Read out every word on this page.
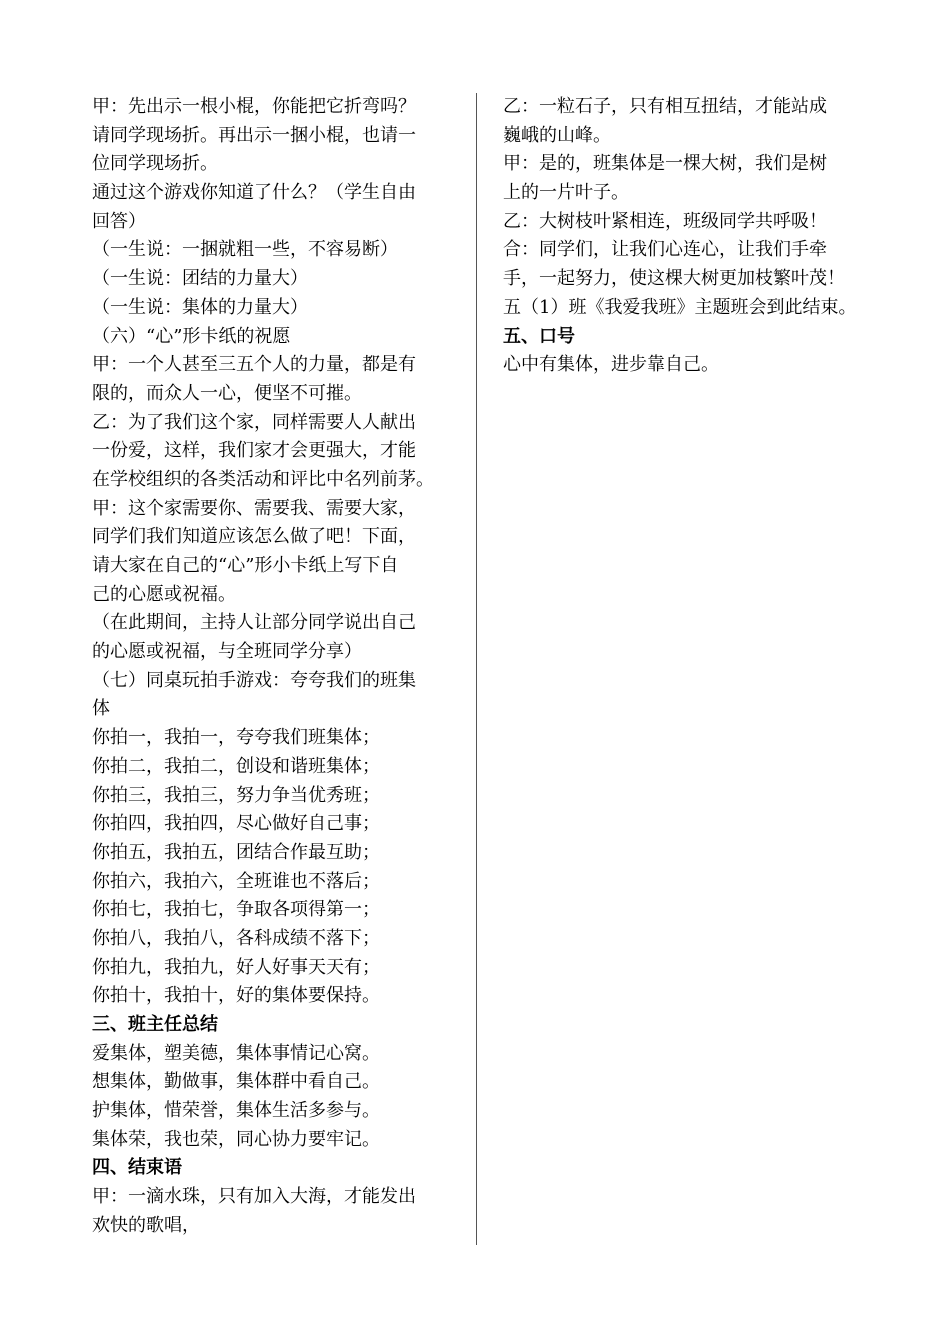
甲：先出示一根小棍，你能把它折弯吗？
请同学现场折。再出示一捆小棍，也请一
位同学现场折。
通过这个游戏你知道了什么？（学生自由
回答）
（一生说：一捆就粗一些，不容易断）
（一生说：团结的力量大）
（一生说：集体的力量大）
（六）“心”形卡纸的祝愿
甲：一个人甚至三五个人的力量，都是有
限的，而众人一心，便坚不可摧。
乙：为了我们这个家，同样需要人人献出
一份爱，这样，我们家才会更强大，才能
在学校组织的各类活动和评比中名列前茅。
甲：这个家需要你、需要我、需要大家，
同学们我们知道应该怎么做了吧！下面，
请大家在自己的“心”形小卡纸上写下自
己的心愿或祝福。
（在此期间，主持人让部分同学说出自己
的心愿或祝福，与全班同学分享）
（七）同桌玩拍手游戏：夸夸我们的班集
体
你拍一，我拍一，夸夸我们班集体；
你拍二，我拍二，创设和谐班集体；
你拍三，我拍三，努力争当优秀班；
你拍四，我拍四，尽心做好自己事；
你拍五，我拍五，团结合作最互助；
你拍六，我拍六，全班谁也不落后；
你拍七，我拍七，争取各项得第一；
你拍八，我拍八，各科成绩不落下；
你拍九，我拍九，好人好事天天有；
你拍十，我拍十，好的集体要保持。
三、班主任总结
爱集体，塑美德，集体事情记心窝。
想集体，勤做事，集体群中看自己。
护集体，惜荣誉，集体生活多参与。
集体荣，我也荣，同心协力要牢记。
四、结束语
甲：一滴水珠，只有加入大海，才能发出
欢快的歌唱，
乙：一粒石子，只有相互扭结，才能站成
巍峨的山峰。
甲：是的，班集体是一棵大树，我们是树
上的一片叶子。
乙：大树枝叶紧相连，班级同学共呼吸！
合：同学们，让我们心连心，让我们手牵
手，一起努力，使这棵大树更加枝繁叶茂！
五（1）班《我爱我班》主题班会到此结束。
五、口号
心中有集体，进步靠自己。
